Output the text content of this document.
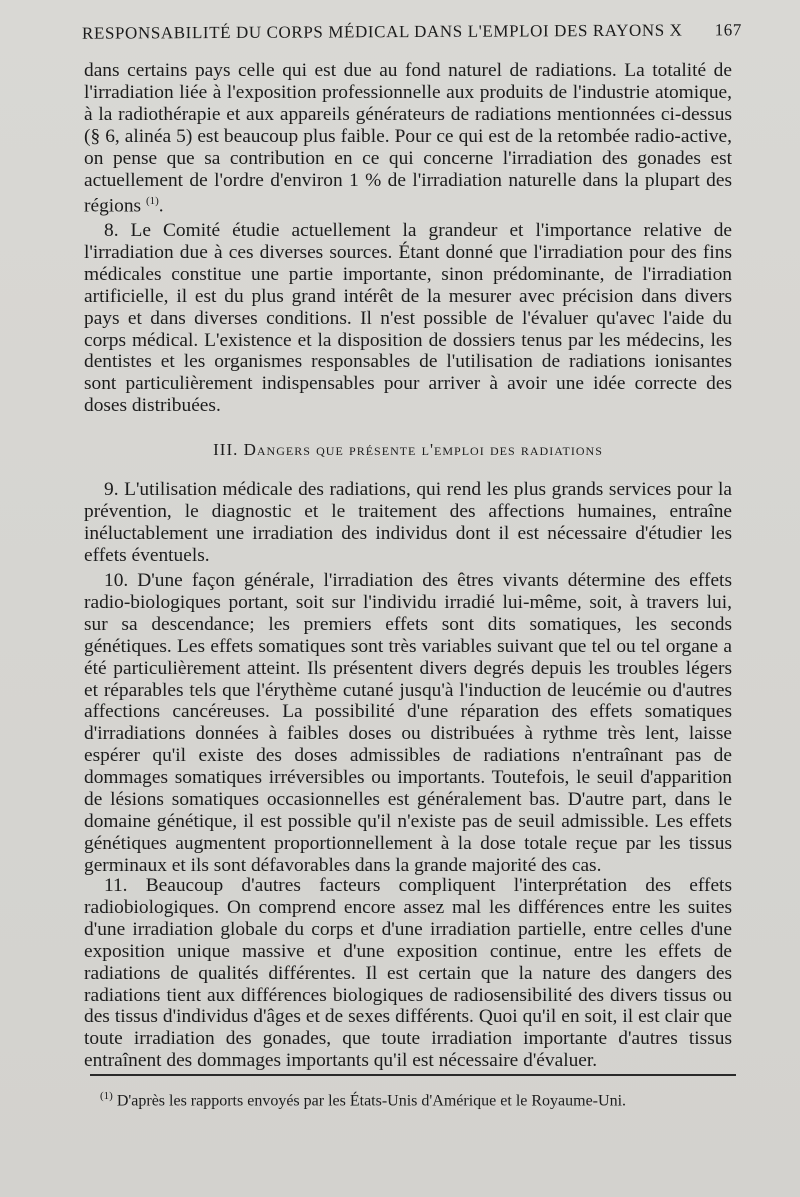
RESPONSABILITÉ DU CORPS MÉDICAL DANS L'EMPLOI DES RAYONS X 167

dans certains pays celle qui est due au fond naturel de radiations. La totalité de l'irradiation liée à l'exposition professionnelle aux produits de l'industrie atomique, à la radiothérapie et aux appareils générateurs de radiations mentionnées ci-dessus (§ 6, alinéa 5) est beaucoup plus faible. Pour ce qui est de la retombée radio-active, on pense que sa contribution en ce qui concerne l'irradiation des gonades est actuellement de l'ordre d'environ 1 % de l'irradiation naturelle dans la plupart des régions $^{(1)}$.

8. Le Comité étudie actuellement la grandeur et l'importance relative de l'irradiation due à ces diverses sources. Étant donné que l'irradiation pour des fins médicales constitue une partie importante, sinon prédominante, de l'irradiation artificielle, il est du plus grand intérêt de la mesurer avec précision dans divers pays et dans diverses conditions. Il n'est possible de l'évaluer qu'avec l'aide du corps médical. L'existence et la disposition de dossiers tenus par les médecins, les dentistes et les organismes responsables de l'utilisation de radiations ionisantes sont particulièrement indispensables pour arriver à avoir une idée correcte des doses distribuées.

III. Dangers que présente l'emploi des radiations

9. L'utilisation médicale des radiations, qui rend les plus grands services pour la prévention, le diagnostic et le traitement des affections humaines, entraîne inéluctablement une irradiation des individus dont il est nécessaire d'étudier les effets éventuels.

10. D'une façon générale, l'irradiation des êtres vivants détermine des effets radio-biologiques portant, soit sur l'individu irradié lui-même, soit, à travers lui, sur sa descendance; les premiers effets sont dits somatiques, les seconds génétiques. Les effets somatiques sont très variables suivant que tel ou tel organe a été particulièrement atteint. Ils présentent divers degrés depuis les troubles légers et réparables tels que l'érythème cutané jusqu'à l'induction de leucémie ou d'autres affections cancéreuses. La possibilité d'une réparation des effets somatiques d'irradiations données à faibles doses ou distribuées à rythme très lent, laisse espérer qu'il existe des doses admissibles de radiations n'entraînant pas de dommages somatiques irréversibles ou importants. Toutefois, le seuil d'apparition de lésions somatiques occasionnelles est généralement bas. D'autre part, dans le domaine génétique, il est possible qu'il n'existe pas de seuil admissible. Les effets génétiques augmentent proportionnellement à la dose totale reçue par les tissus germinaux et ils sont défavorables dans la grande majorité des cas.

11. Beaucoup d'autres facteurs compliquent l'interprétation des effets radiobiologiques. On comprend encore assez mal les différences entre les suites d'une irradiation globale du corps et d'une irradiation partielle, entre celles d'une exposition unique massive et d'une exposition continue, entre les effets de radiations de qualités différentes. Il est certain que la nature des dangers des radiations tient aux différences biologiques de radiosensibilité des divers tissus ou des tissus d'individus d'âges et de sexes différents. Quoi qu'il en soit, il est clair que toute irradiation des gonades, que toute irradiation importante d'autres tissus entraînent des dommages importants qu'il est nécessaire d'évaluer.

$^{(1)}$ D'après les rapports envoyés par les États-Unis d'Amérique et le Royaume-Uni.
